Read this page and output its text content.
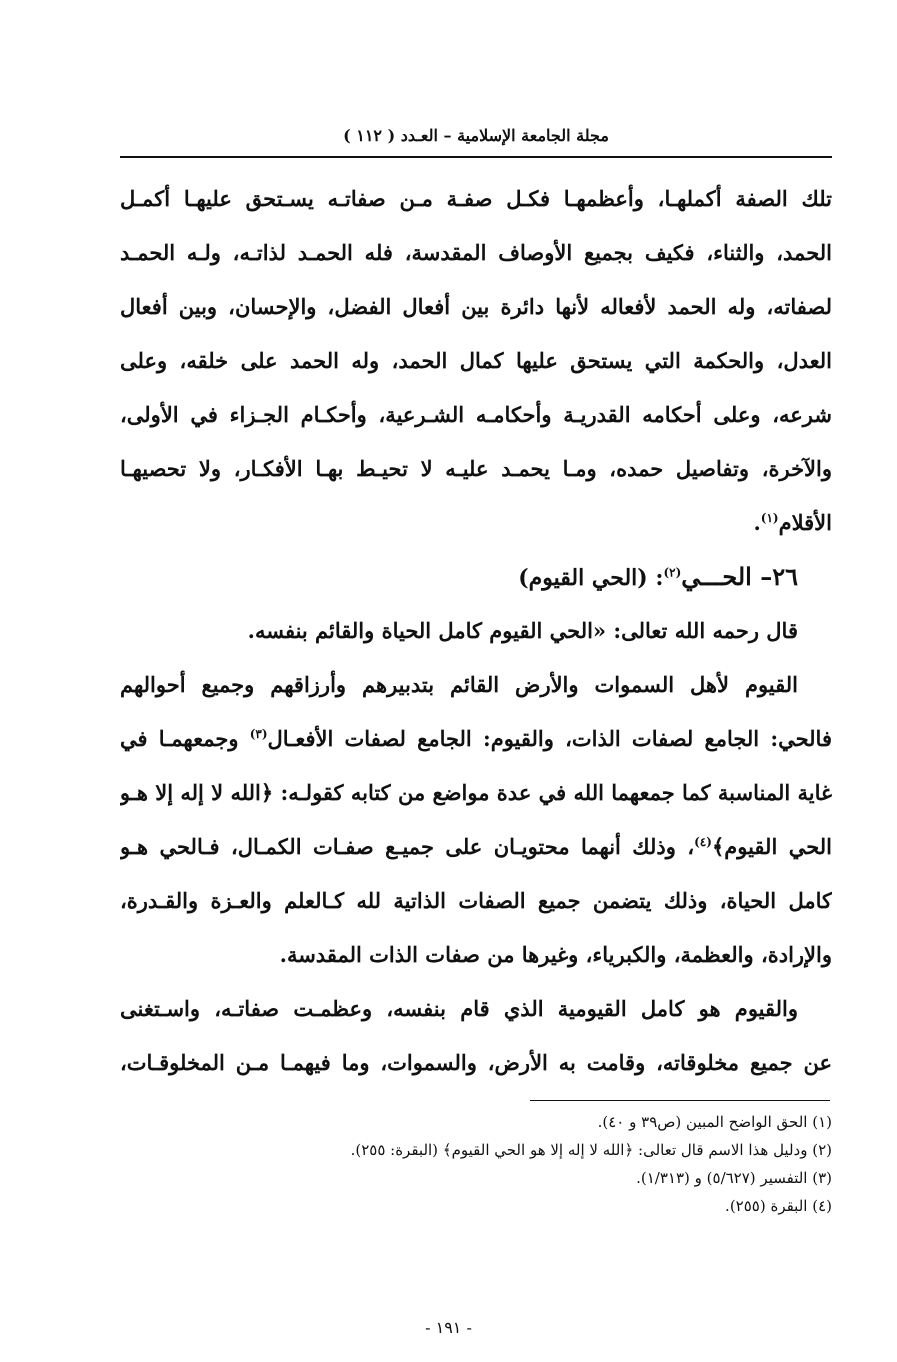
مجلة الجامعة الإسلامية – العـدد ( ١١٢ )
تلك الصفة أكملهـا، وأعظمهـا فكـل صفـة مـن صفاتـه يسـتحق عليهـا أكمـل
الحمد، والثناء، فكيف بجميع الأوصاف المقدسة، فله الحمـد لذاتـه، ولـه الحمـد
لصفاته، وله الحمد لأفعاله لأنها دائرة بين أفعال الفضل، والإحسان، وبين أفعال
العدل، والحكمة التي يستحق عليها كمال الحمد، وله الحمد على خلقه، وعلى
شرعه، وعلى أحكامه القدريـة وأحكامـه الشـرعية، وأحكـام الجـزاء في الأولى،
والآخرة، وتفاصيل حمده، ومـا يحمـد عليـه لا تحيـط بهـا الأفكـار، ولا تحصيهـا
الأقلام$^{(١)}$.
٢٦– الحـــي$^{(٢)}$: (الحي القيوم)
قال رحمه الله تعالى: «الحي القيوم كامل الحياة والقائم بنفسه.
القيوم لأهل السموات والأرض القائم بتدبيرهم وأرزاقهم وجميع أحوالهم
فالحي: الجامع لصفات الذات، والقيوم: الجامع لصفات الأفعـال$^{(٣)}$ وجمعهمـا في
غاية المناسبة كما جمعهما الله في عدة مواضع من كتابه كقولـه: ﴿الله لا إله إلا هـو
الحي القيوم﴾$^{(٤)}$، وذلك أنهما محتويـان على جميـع صفـات الكمـال، فـالحي هـو
كامل الحياة، وذلك يتضمن جميع الصفات الذاتية لله كـالعلم والعـزة والقـدرة،
والإرادة، والعظمة، والكبرياء، وغيرها من صفات الذات المقدسة.
والقيوم هو كامل القيومية الذي قام بنفسه، وعظمـت صفاتـه، واسـتغنى
عن جميع مخلوقاته، وقامت به الأرض، والسموات، وما فيهمـا مـن المخلوقـات،
(١) الحق الواضح المبين (ص٣٩ و ٤٠).
(٢) ودليل هذا الاسم قال تعالى: ﴿الله لا إله إلا هو الحي القيوم﴾ (البقرة: ٢٥٥).
(٣) التفسير (٥/٦٢٧) و (١/٣١٣).
(٤) البقرة (٢٥٥).
- ١٩١ -
